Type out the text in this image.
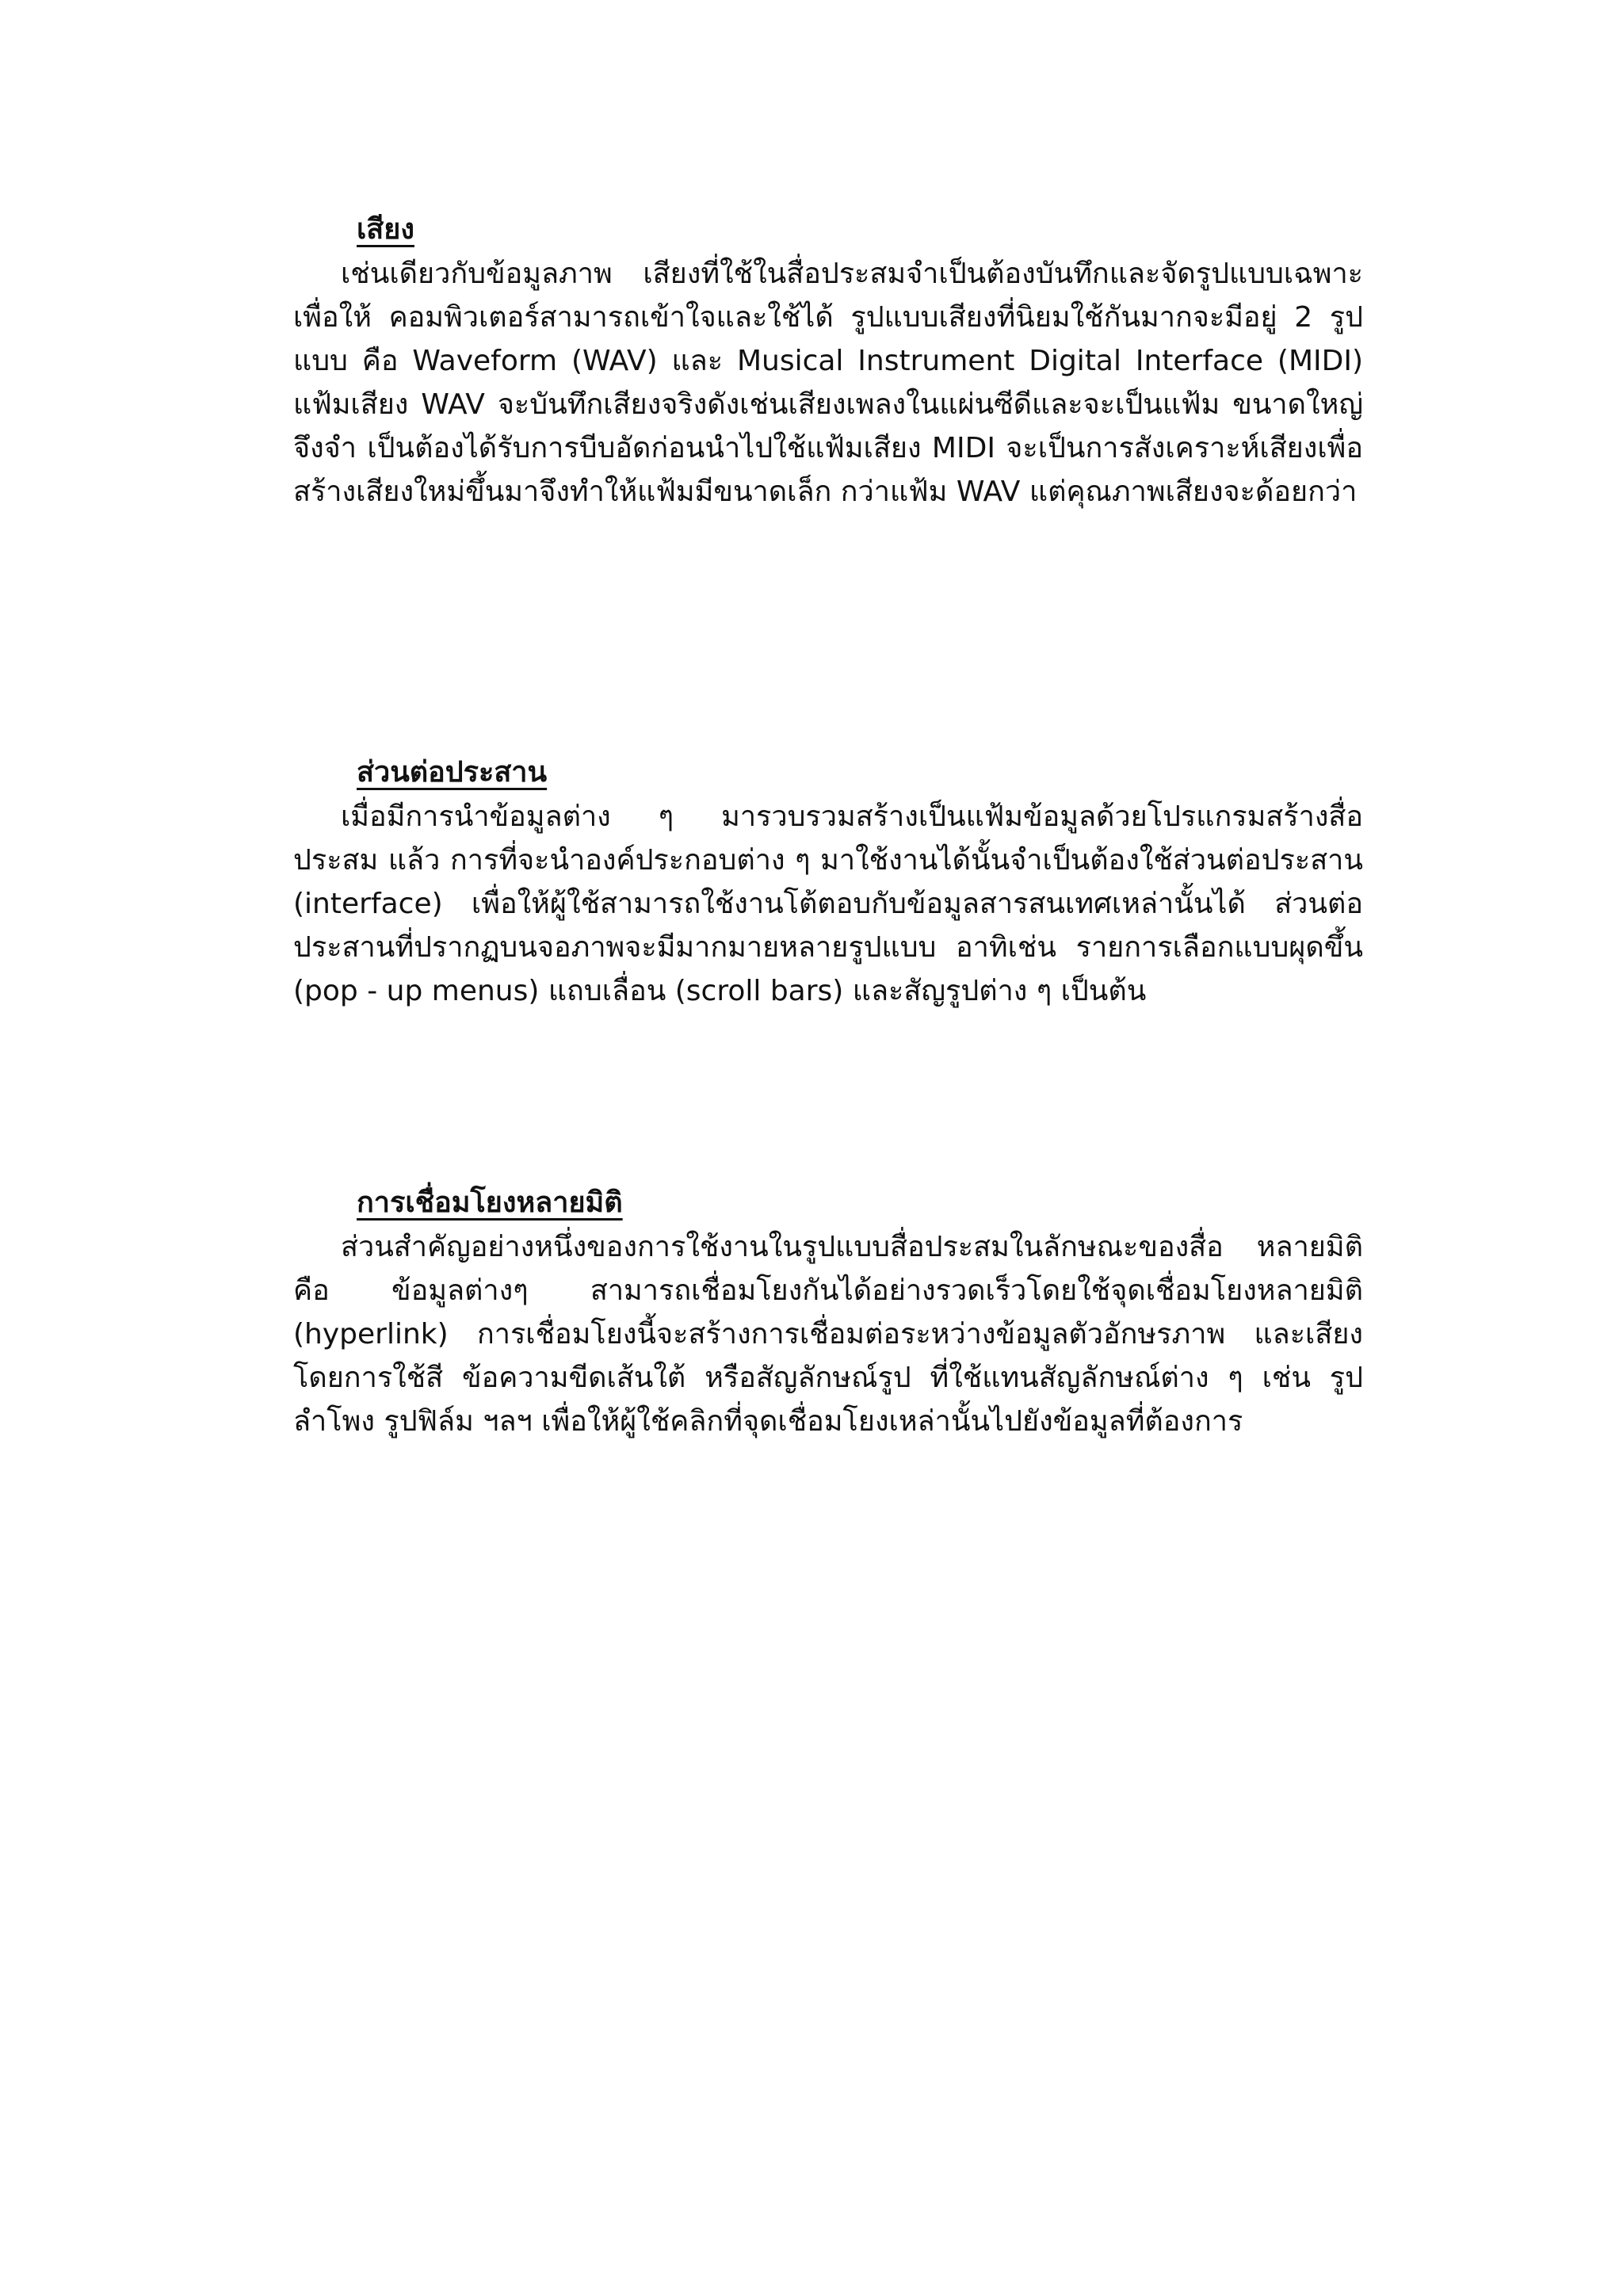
เสียง

เช่นเดียวกับข้อมูลภาพ เสียงที่ใช้ในสื่อประสมจำเป็นต้องบันทึกและจัดรูปแบบเฉพาะ เพื่อให้ คอมพิวเตอร์สามารถเข้าใจและใช้ได้ รูปแบบเสียงที่นิยมใช้กันมากจะมีอยู่ 2 รูปแบบ คือ Waveform (WAV) และ Musical Instrument Digital Interface (MIDI) แฟ้มเสียง WAV จะบันทึกเสียงจริงดังเช่นเสียงเพลงในแผ่นซีดีและจะเป็นแฟ้ม ขนาดใหญ่จึงจำ เป็นต้องได้รับการบีบอัดก่อนนำไปใช้แฟ้มเสียง MIDI จะเป็นการสังเคราะห์เสียงเพื่อสร้างเสียงใหม่ขึ้นมาจึงทำให้แฟ้มมีขนาดเล็ก กว่าแฟ้ม WAV แต่คุณภาพเสียงจะด้อยกว่า

ส่วนต่อประสาน

เมื่อมีการนำข้อมูลต่าง ๆ มารวบรวมสร้างเป็นแฟ้มข้อมูลด้วยโปรแกรมสร้างสื่อประสม แล้ว การที่จะนำองค์ประกอบต่าง ๆ มาใช้งานได้นั้นจำเป็นต้องใช้ส่วนต่อประสาน (interface) เพื่อให้ผู้ใช้สามารถใช้งานโต้ตอบกับข้อมูลสารสนเทศเหล่านั้นได้ ส่วนต่อประสานที่ปรากฏบนจอภาพจะมีมากมายหลายรูปแบบ อาทิเช่น รายการเลือกแบบผุดขึ้น (pop - up menus) แถบเลื่อน (scroll bars) และสัญรูปต่าง ๆ เป็นต้น

การเชื่อมโยงหลายมิติ

ส่วนสำคัญอย่างหนึ่งของการใช้งานในรูปแบบสื่อประสมในลักษณะของสื่อ หลายมิติ คือ ข้อมูลต่างๆ สามารถเชื่อมโยงกันได้อย่างรวดเร็วโดยใช้จุดเชื่อมโยงหลายมิติ (hyperlink) การเชื่อมโยงนี้จะสร้างการเชื่อมต่อระหว่างข้อมูลตัวอักษรภาพ และเสียงโดยการใช้สี ข้อความขีดเส้นใต้ หรือสัญลักษณ์รูป ที่ใช้แทนสัญลักษณ์ต่าง ๆ เช่น รูปลำโพง รูปฟิล์ม ฯลฯ เพื่อให้ผู้ใช้คลิกที่จุดเชื่อมโยงเหล่านั้นไปยังข้อมูลที่ต้องการ
